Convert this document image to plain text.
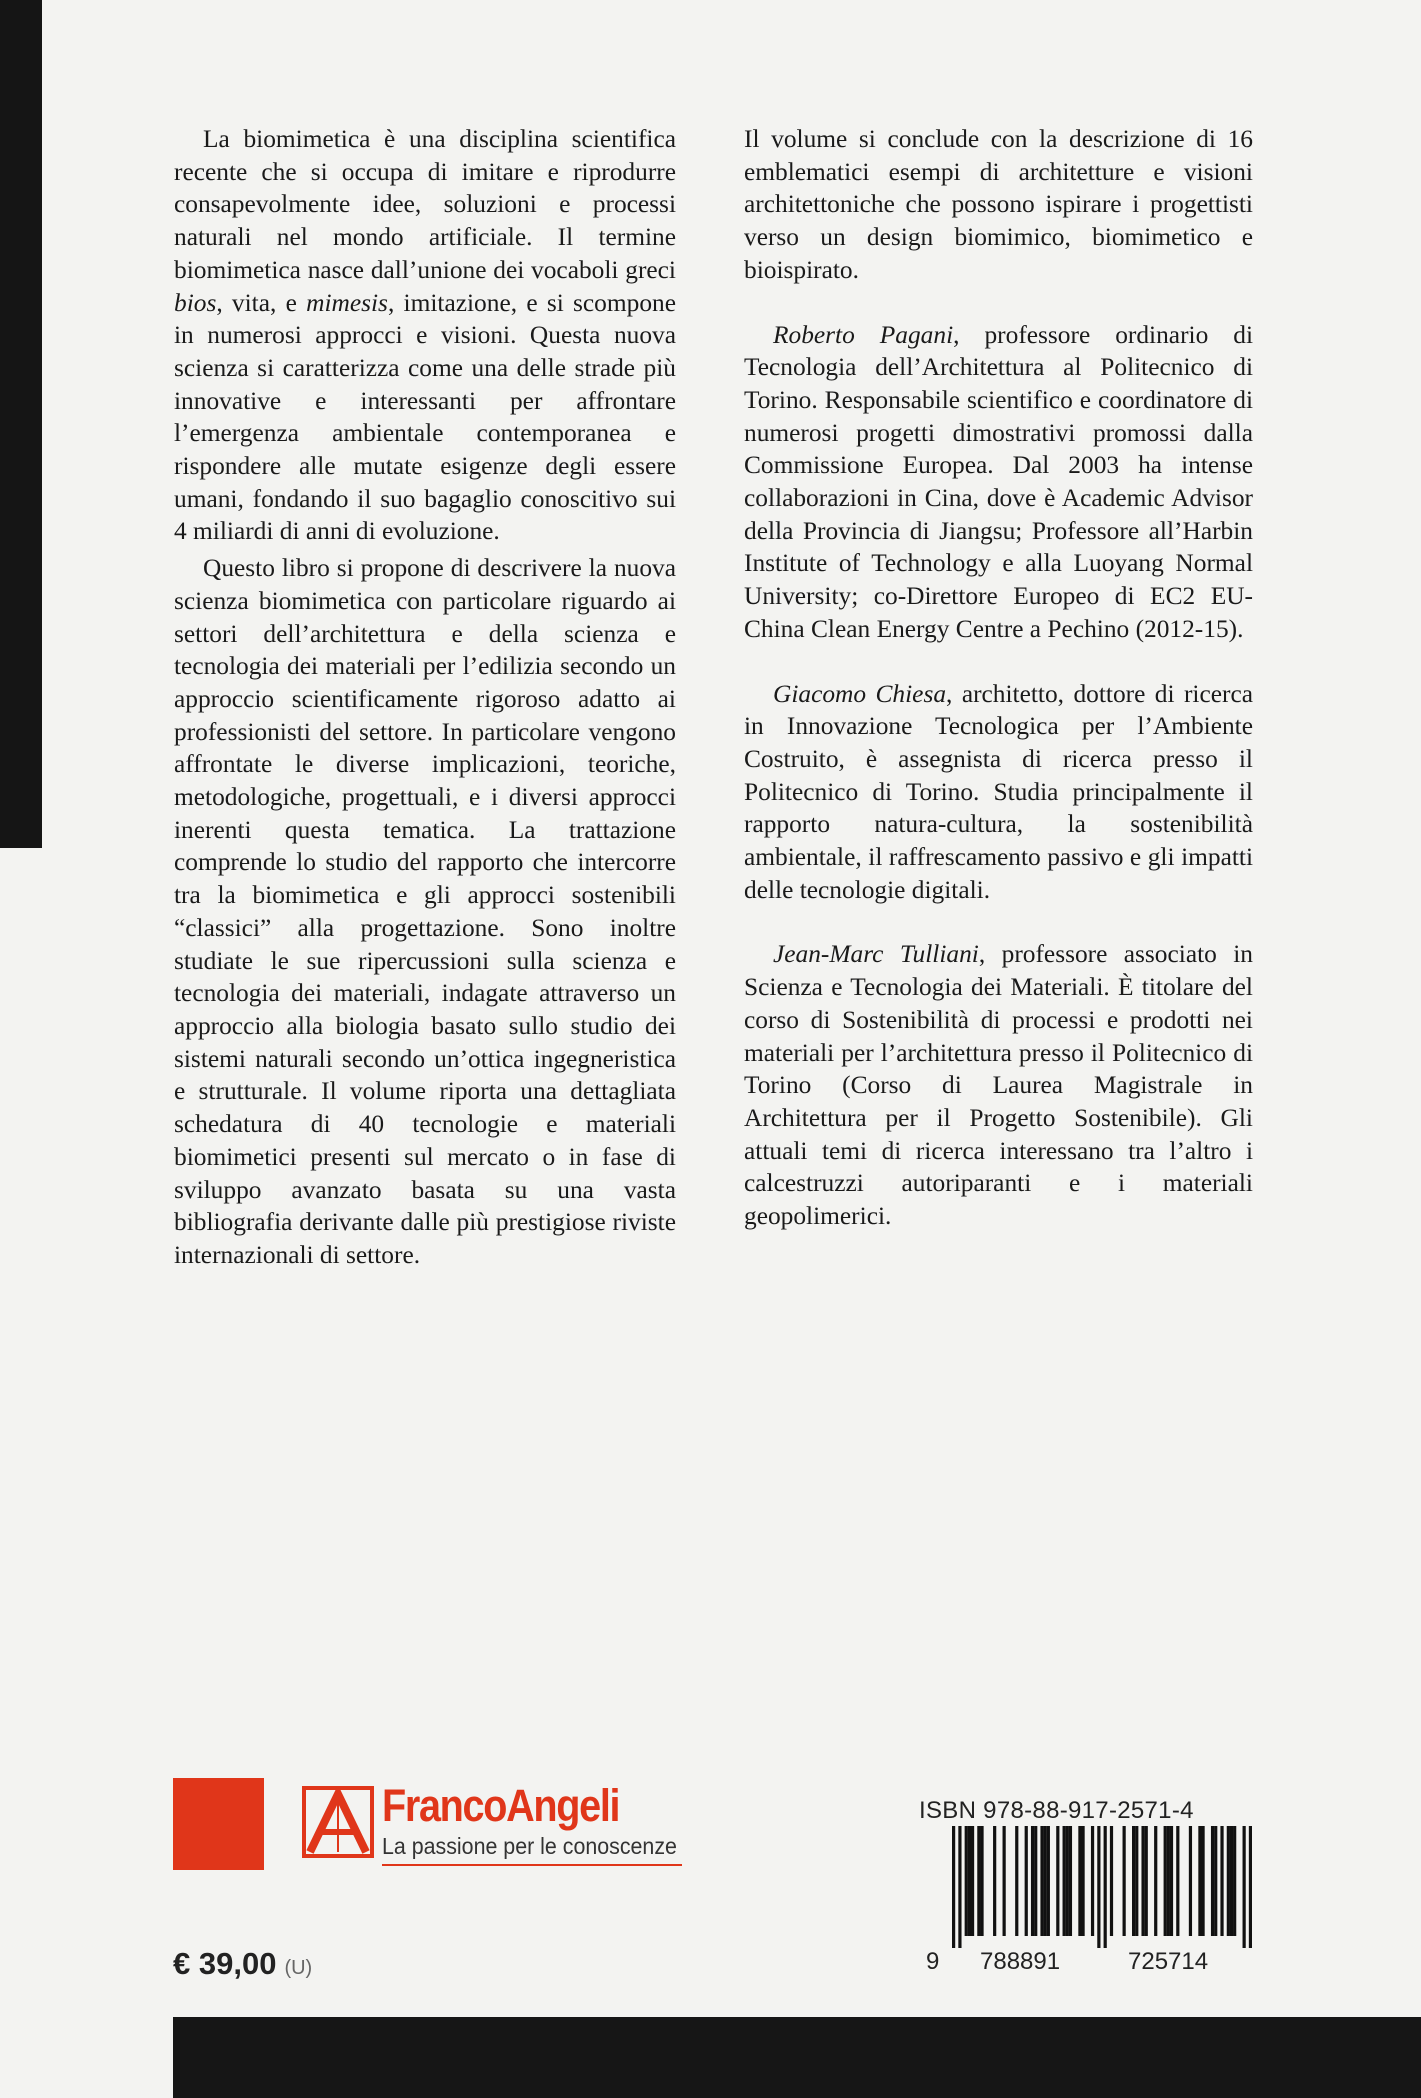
La biomimetica è una disciplina scientifica recente che si occupa di imitare e riprodurre consapevolmente idee, soluzioni e processi naturali nel mondo artificiale. Il termine biomimetica nasce dall’unione dei vocaboli greci bios, vita, e mimesis, imitazione, e si scompone in numerosi approcci e visioni. Questa nuova scienza si caratterizza come una delle strade più innovative e interessanti per affrontare l’emergenza ambientale contemporanea e rispondere alle mutate esigenze degli essere umani, fondando il suo bagaglio conoscitivo sui 4 miliardi di anni di evoluzione.

Questo libro si propone di descrivere la nuova scienza biomimetica con particolare riguardo ai settori dell’architettura e della scienza e tecnologia dei materiali per l’edilizia secondo un approccio scientificamente rigoroso adatto ai professionisti del settore. In particolare vengono affrontate le diverse implicazioni, teoriche, metodologiche, progettuali, e i diversi approcci inerenti questa tematica. La trattazione comprende lo studio del rapporto che intercorre tra la biomimetica e gli approcci sostenibili “classici” alla progettazione. Sono inoltre studiate le sue ripercussioni sulla scienza e tecnologia dei materiali, indagate attraverso un approccio alla biologia basato sullo studio dei sistemi naturali secondo un’ottica ingegneristica e strutturale. Il volume riporta una dettagliata schedatura di 40 tecnologie e materiali biomimetici presenti sul mercato o in fase di sviluppo avanzato basata su una vasta bibliografia derivante dalle più prestigiose riviste internazionali di settore.

Il volume si conclude con la descrizione di 16 emblematici esempi di architetture e visioni architettoniche che possono ispirare i progettisti verso un design biomimico, biomimetico e bioispirato.

Roberto Pagani, professore ordinario di Tecnologia dell’Architettura al Politecnico di Torino. Responsabile scientifico e coordinatore di numerosi progetti dimostrativi promossi dalla Commissione Europea. Dal 2003 ha intense collaborazioni in Cina, dove è Academic Advisor della Provincia di Jiangsu; Professore all’Harbin Institute of Technology e alla Luoyang Normal University; co-Direttore Europeo di EC2 EU-China Clean Energy Centre a Pechino (2012-15).

Giacomo Chiesa, architetto, dottore di ricerca in Innovazione Tecnologica per l’Ambiente Costruito, è assegnista di ricerca presso il Politecnico di Torino. Studia principalmente il rapporto natura-cultura, la sostenibilità ambientale, il raffrescamento passivo e gli impatti delle tecnologie digitali.

Jean-Marc Tulliani, professore associato in Scienza e Tecnologia dei Materiali. È titolare del corso di Sostenibilità di processi e prodotti nei materiali per l’architettura presso il Politecnico di Torino (Corso di Laurea Magistrale in Architettura per il Progetto Sostenibile). Gli attuali temi di ricerca interessano tra l’altro i calcestruzzi autoriparanti e i materiali geopolimerici.

FrancoAngeli
La passione per le conoscenze
€ 39,00 (U)
ISBN 978-88-917-2571-4
9 788891	725714
